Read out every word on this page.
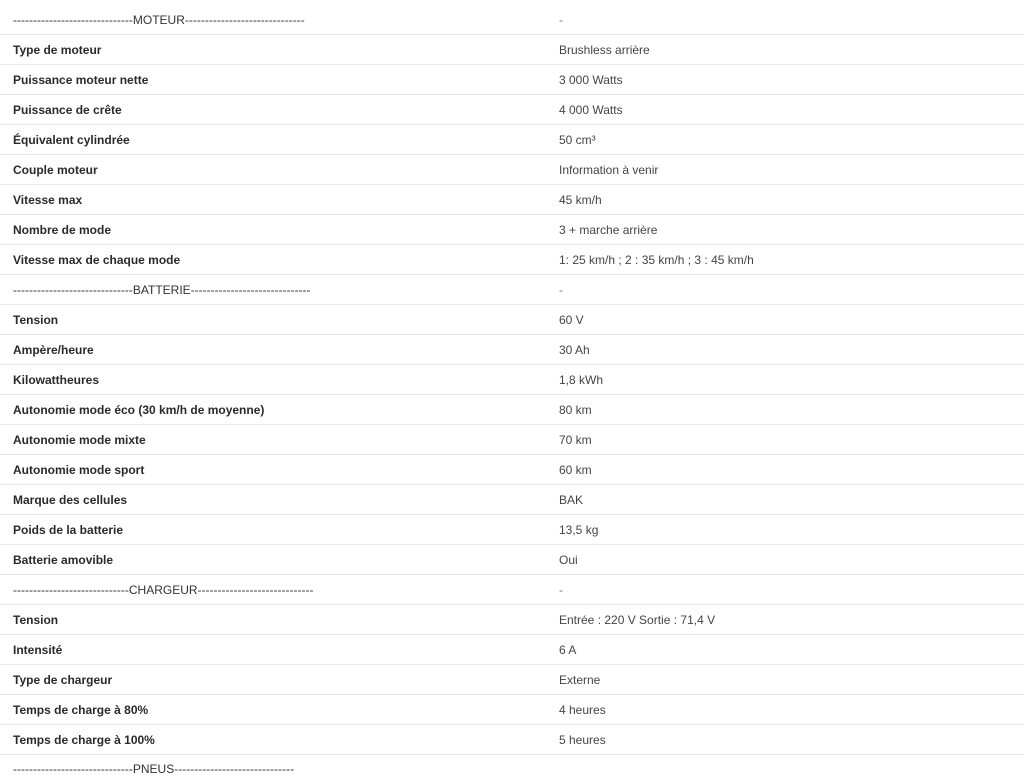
------------------------------MOTEUR------------------------------	-
Type de moteur	Brushless arrière
Puissance moteur nette	3 000 Watts
Puissance de crête	4 000 Watts
Équivalent cylindrée	50 cm³
Couple moteur	Information à venir
Vitesse max	45 km/h
Nombre de mode	3 + marche arrière
Vitesse max de chaque mode	1: 25 km/h ; 2 : 35 km/h ; 3 : 45 km/h
------------------------------BATTERIE------------------------------	-
Tension	60 V
Ampère/heure	30 Ah
Kilowattheures	1,8 kWh
Autonomie mode éco (30 km/h de moyenne)	80 km
Autonomie mode mixte	70 km
Autonomie mode sport	60 km
Marque des cellules	BAK
Poids de la batterie	13,5 kg
Batterie amovible	Oui
-----------------------------CHARGEUR-----------------------------	-
Tension	Entrée : 220 V Sortie : 71,4 V
Intensité	6 A
Type de chargeur	Externe
Temps de charge à 80%	4 heures
Temps de charge à 100%	5 heures
------------------------------PNEUS------------------------------
